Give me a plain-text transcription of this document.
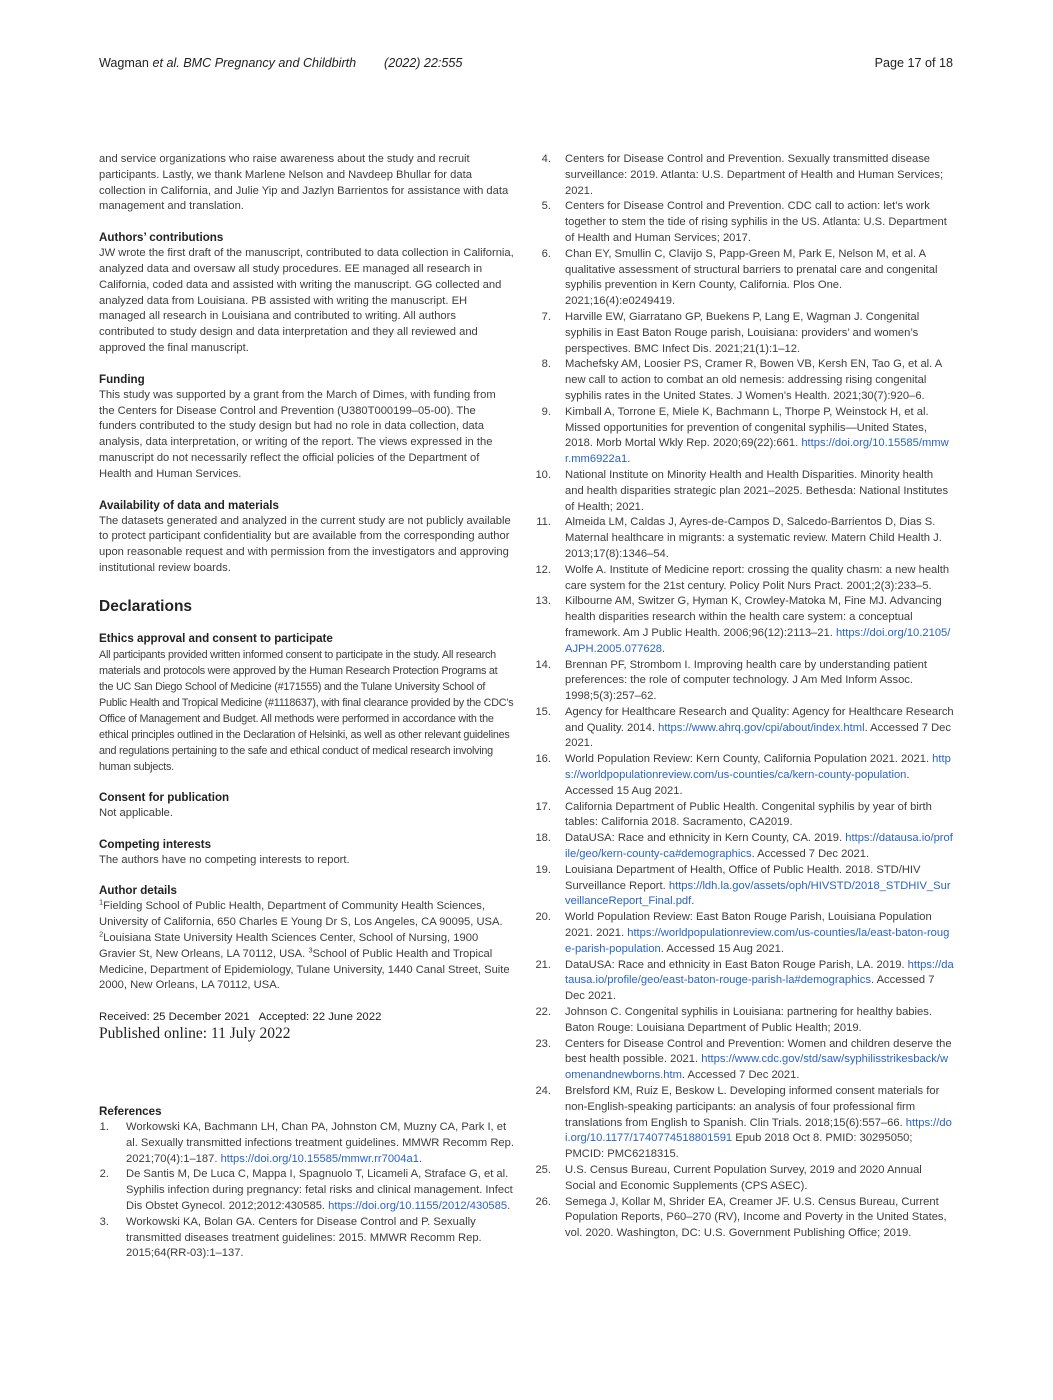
Wagman et al. BMC Pregnancy and Childbirth (2022) 22:555	Page 17 of 18

and service organizations who raise awareness about the study and recruit participants. Lastly, we thank Marlene Nelson and Navdeep Bhullar for data collection in California, and Julie Yip and Jazlyn Barrientos for assistance with data management and translation.

Authors’ contributions

JW wrote the first draft of the manuscript, contributed to data collection in California, analyzed data and oversaw all study procedures. EE managed all research in California, coded data and assisted with writing the manuscript. GG collected and analyzed data from Louisiana. PB assisted with writing the manuscript. EH managed all research in Louisiana and contributed to writing. All authors contributed to study design and data interpretation and they all reviewed and approved the final manuscript.

Funding

This study was supported by a grant from the March of Dimes, with funding from the Centers for Disease Control and Prevention (U380T000199–05-00). The funders contributed to the study design but had no role in data collection, data analysis, data interpretation, or writing of the report. The views expressed in the manuscript do not necessarily reflect the official policies of the Department of Health and Human Services.

Availability of data and materials

The datasets generated and analyzed in the current study are not publicly available to protect participant confidentiality but are available from the corresponding author upon reasonable request and with permission from the investigators and approving institutional review boards.

Declarations
Ethics approval and consent to participate

All participants provided written informed consent to participate in the study. All research materials and protocols were approved by the Human Research Protection Programs at the UC San Diego School of Medicine (#171555) and the Tulane University School of Public Health and Tropical Medicine (#1118637), with final clearance provided by the CDC’s Office of Management and Budget. All methods were performed in accordance with the ethical principles outlined in the Declaration of Helsinki, as well as other relevant guidelines and regulations pertaining to the safe and ethical conduct of medical research involving human subjects.

Consent for publication

Not applicable.

Competing interests

The authors have no competing interests to report.

Author details

$^1$Fielding School of Public Health, Department of Community Health Sciences, University of California, 650 Charles E Young Dr S, Los Angeles, CA 90095, USA. $^2$Louisiana State University Health Sciences Center, School of Nursing, 1900 Gravier St, New Orleans, LA 70112, USA. $^3$School of Public Health and Tropical Medicine, Department of Epidemiology, Tulane University, 1440 Canal Street, Suite 2000, New Orleans, LA 70112, USA.

Received: 25 December 2021   Accepted: 22 June 2022
Published online: 11 July 2022
References
1. Workowski KA, Bachmann LH, Chan PA, Johnston CM, Muzny CA, Park I, et al. Sexually transmitted infections treatment guidelines. MMWR Recomm Rep. 2021;70(4):1–187. https://doi.org/10.15585/mmwr.rr7004a1.

2. De Santis M, De Luca C, Mappa I, Spagnuolo T, Licameli A, Straface G, et al. Syphilis infection during pregnancy: fetal risks and clinical management. Infect Dis Obstet Gynecol. 2012;2012:430585. https://doi.org/10.1155/2012/430585.

3. Workowski KA, Bolan GA. Centers for Disease Control and P. Sexually transmitted diseases treatment guidelines: 2015. MMWR Recomm Rep. 2015;64(RR-03):1–137.

4. Centers for Disease Control and Prevention. Sexually transmitted disease surveillance: 2019. Atlanta: U.S. Department of Health and Human Services; 2021.

5. Centers for Disease Control and Prevention. CDC call to action: let’s work together to stem the tide of rising syphilis in the US. Atlanta: U.S. Department of Health and Human Services; 2017.

6. Chan EY, Smullin C, Clavijo S, Papp-Green M, Park E, Nelson M, et al. A qualitative assessment of structural barriers to prenatal care and congenital syphilis prevention in Kern County, California. Plos One. 2021;16(4):e0249419.

7. Harville EW, Giarratano GP, Buekens P, Lang E, Wagman J. Congenital syphilis in East Baton Rouge parish, Louisiana: providers’ and women’s perspectives. BMC Infect Dis. 2021;21(1):1–12.

8. Machefsky AM, Loosier PS, Cramer R, Bowen VB, Kersh EN, Tao G, et al. A new call to action to combat an old nemesis: addressing rising congenital syphilis rates in the United States. J Women’s Health. 2021;30(7):920–6.

9. Kimball A, Torrone E, Miele K, Bachmann L, Thorpe P, Weinstock H, et al. Missed opportunities for prevention of congenital syphilis—United States, 2018. Morb Mortal Wkly Rep. 2020;69(22):661. https://doi.org/10.15585/mmwr.mm6922a1.

10. National Institute on Minority Health and Health Disparities. Minority health and health disparities strategic plan 2021–2025. Bethesda: National Institutes of Health; 2021.

11. Almeida LM, Caldas J, Ayres-de-Campos D, Salcedo-Barrientos D, Dias S. Maternal healthcare in migrants: a systematic review. Matern Child Health J. 2013;17(8):1346–54.

12. Wolfe A. Institute of Medicine report: crossing the quality chasm: a new health care system for the 21st century. Policy Polit Nurs Pract. 2001;2(3):233–5.

13. Kilbourne AM, Switzer G, Hyman K, Crowley-Matoka M, Fine MJ. Advancing health disparities research within the health care system: a conceptual framework. Am J Public Health. 2006;96(12):2113–21. https://doi.org/10.2105/AJPH.2005.077628.

14. Brennan PF, Strombom I. Improving health care by understanding patient preferences: the role of computer technology. J Am Med Inform Assoc. 1998;5(3):257–62.

15. Agency for Healthcare Research and Quality: Agency for Healthcare Research and Quality. 2014. https://www.ahrq.gov/cpi/about/index.html. Accessed 7 Dec 2021.

16. World Population Review: Kern County, California Population 2021. 2021. https://worldpopulationreview.com/us-counties/ca/kern-county-population. Accessed 15 Aug 2021.

17. California Department of Public Health. Congenital syphilis by year of birth tables: California 2018. Sacramento, CA2019.

18. DataUSA: Race and ethnicity in Kern County, CA. 2019. https://datausa.io/profile/geo/kern-county-ca#demographics. Accessed 7 Dec 2021.

19. Louisiana Department of Health, Office of Public Health. 2018. STD/HIV Surveillance Report. https://ldh.la.gov/assets/oph/HIVSTD/2018_STDHIV_SurveillanceReport_Final.pdf.

20. World Population Review: East Baton Rouge Parish, Louisiana Population 2021. 2021. https://worldpopulationreview.com/us-counties/la/east-baton-rouge-parish-population. Accessed 15 Aug 2021.

21. DataUSA: Race and ethnicity in East Baton Rouge Parish, LA. 2019. https://datausa.io/profile/geo/east-baton-rouge-parish-la#demographics. Accessed 7 Dec 2021.

22. Johnson C. Congenital syphilis in Louisiana: partnering for healthy babies. Baton Rouge: Louisiana Department of Public Health; 2019.

23. Centers for Disease Control and Prevention: Women and children deserve the best health possible. 2021. https://www.cdc.gov/std/saw/syphilisstrikesback/womenandnewborns.htm. Accessed 7 Dec 2021.

24. Brelsford KM, Ruiz E, Beskow L. Developing informed consent materials for non-English-speaking participants: an analysis of four professional firm translations from English to Spanish. Clin Trials. 2018;15(6):557–66. https://doi.org/10.1177/1740774518801591 Epub 2018 Oct 8. PMID: 30295050; PMCID: PMC6218315.

25. U.S. Census Bureau, Current Population Survey, 2019 and 2020 Annual Social and Economic Supplements (CPS ASEC).

26. Semega J, Kollar M, Shrider EA, Creamer JF. U.S. Census Bureau, Current Population Reports, P60–270 (RV), Income and Poverty in the United States, vol. 2020. Washington, DC: U.S. Government Publishing Office; 2019.
